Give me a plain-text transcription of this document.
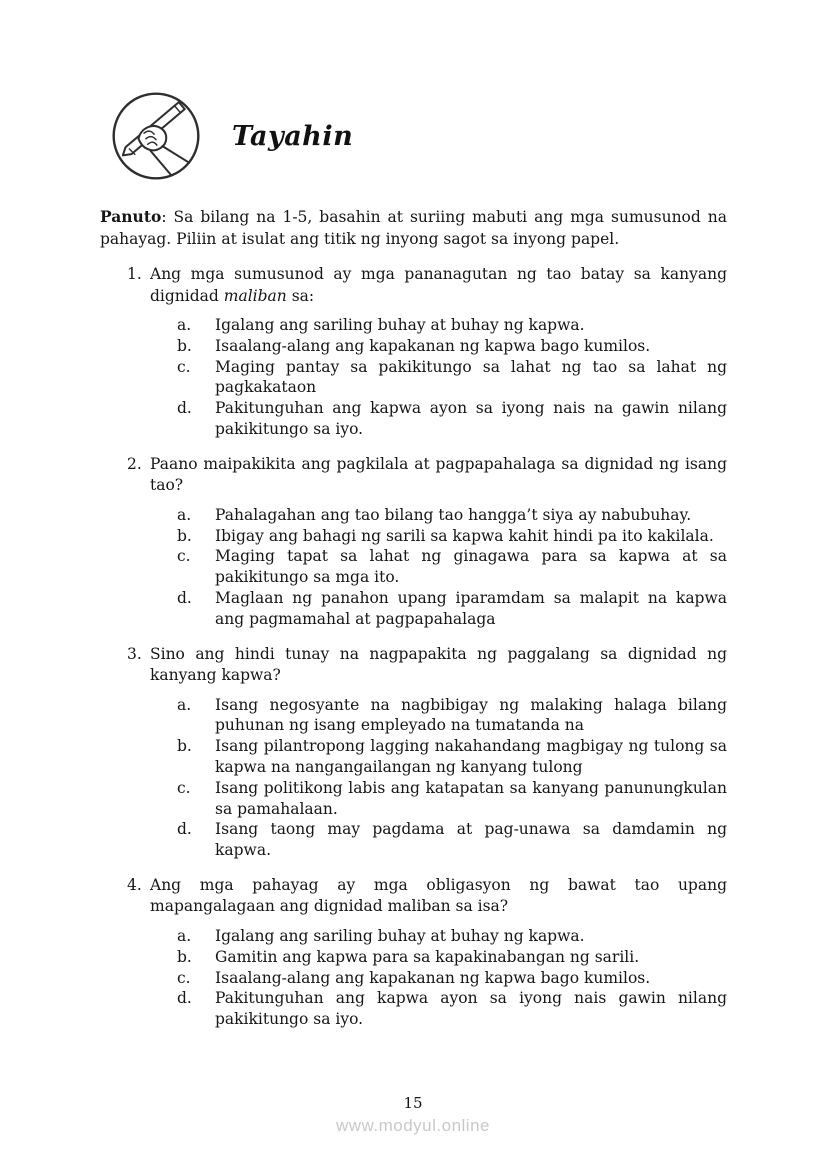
Tayahin

Panuto: Sa bilang na 1-5, basahin at suriing mabuti ang mga sumusunod na pahayag. Piliin at isulat ang titik ng inyong sagot sa inyong papel.

1. Ang mga sumusunod ay mga pananagutan ng tao batay sa kanyang dignidad maliban sa:
a.	Igalang ang sariling buhay at buhay ng kapwa.
b.	Isaalang-alang ang kapakanan ng kapwa bago kumilos.
c.	Maging pantay sa pakikitungo sa lahat ng tao sa lahat ng pagkakataon
d.	Pakitunguhan ang kapwa ayon sa iyong nais na gawin nilang pakikitungo sa iyo.
2. Paano maipakikita ang pagkilala at pagpapahalaga sa dignidad ng isang tao?
a.	Pahalagahan ang tao bilang tao hangga’t siya ay nabubuhay.
b.	Ibigay ang bahagi ng sarili sa kapwa kahit hindi pa ito kakilala.
c.	Maging tapat sa lahat ng ginagawa para sa kapwa at sa pakikitungo sa mga ito.
d.	Maglaan ng panahon upang iparamdam sa malapit na kapwa ang pagmamahal at pagpapahalaga
3. Sino ang hindi tunay na nagpapakita ng paggalang sa dignidad ng kanyang kapwa?
a.	Isang negosyante na nagbibigay ng malaking halaga bilang puhunan ng isang empleyado na tumatanda na
b.	Isang pilantropong lagging nakahandang magbigay ng tulong sa kapwa na nangangailangan ng kanyang tulong
c.	Isang politikong labis ang katapatan sa kanyang panunungkulan sa pamahalaan.
d.	Isang taong may pagdama at pag-unawa sa damdamin ng kapwa.
4. Ang mga pahayag ay mga obligasyon ng bawat tao upang mapangalagaan ang dignidad maliban sa isa?
a.	Igalang ang sariling buhay at buhay ng kapwa.
b.	Gamitin ang kapwa para sa kapakinabangan ng sarili.
c.	Isaalang-alang ang kapakanan ng kapwa bago kumilos.
d.	Pakitunguhan ang kapwa ayon sa iyong nais gawin nilang pakikitungo sa iyo.
15
www.modyul.online
